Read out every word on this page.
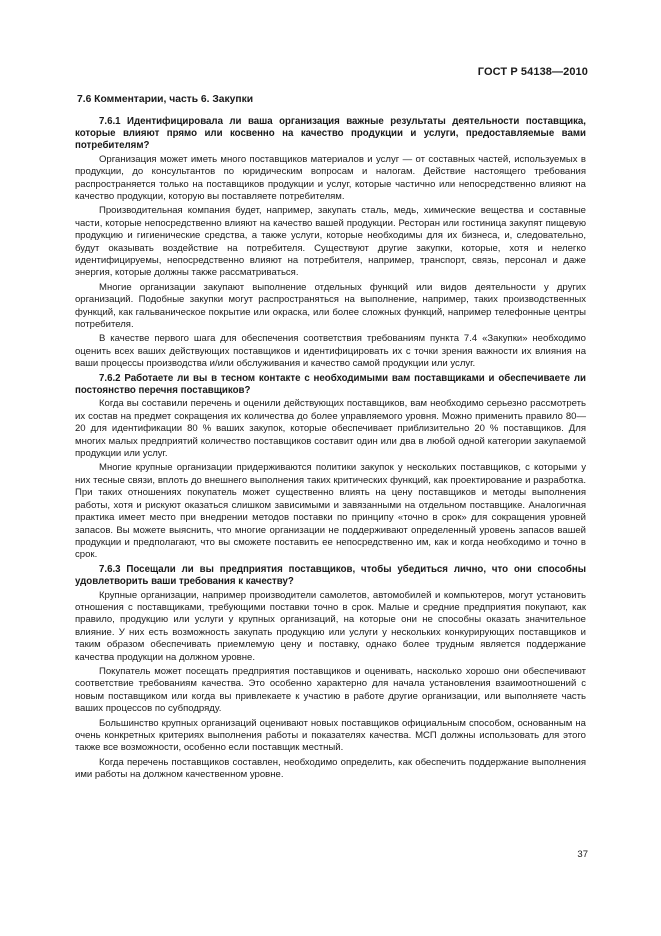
ГОСТ Р 54138—2010
7.6 Комментарии, часть 6. Закупки

7.6.1 Идентифицировала ли ваша организация важные результаты деятельности поставщика, которые влияют прямо или косвенно на качество продукции и услуги, предоставляемые вами потребителям?

Организация может иметь много поставщиков материалов и услуг — от составных частей, используемых в продукции, до консультантов по юридическим вопросам и налогам. Действие настоящего требования распространяется только на поставщиков продукции и услуг, которые частично или непосредственно влияют на качество продукции, которую вы поставляете потребителям.

Производительная компания будет, например, закупать сталь, медь, химические вещества и составные части, которые непосредственно влияют на качество вашей продукции. Ресторан или гостиница закупят пищевую продукцию и гигиенические средства, а также услуги, которые необходимы для их бизнеса, и, следовательно, будут оказывать воздействие на потребителя. Существуют другие закупки, которые, хотя и нелегко идентифицируемы, непосредственно влияют на потребителя, например, транспорт, связь, персонал и даже энергия, которые должны также рассматриваться.

Многие организации закупают выполнение отдельных функций или видов деятельности у других организаций. Подобные закупки могут распространяться на выполнение, например, таких производственных функций, как гальваническое покрытие или окраска, или более сложных функций, например телефонные центры потребителя.

В качестве первого шага для обеспечения соответствия требованиям пункта 7.4 «Закупки» необходимо оценить всех ваших действующих поставщиков и идентифицировать их с точки зрения важности их влияния на ваши процессы производства и/или обслуживания и качество самой продукции или услуг.

7.6.2 Работаете ли вы в тесном контакте с необходимыми вам поставщиками и обеспечиваете ли постоянство перечня поставщиков?

Когда вы составили перечень и оценили действующих поставщиков, вам необходимо серьезно рассмотреть их состав на предмет сокращения их количества до более управляемого уровня. Можно применить правило 80—20 для идентификации 80 % ваших закупок, которые обеспечивает приблизительно 20 % поставщиков. Для многих малых предприятий количество поставщиков составит один или два в любой одной категории закупаемой продукции или услуг.

Многие крупные организации придерживаются политики закупок у нескольких поставщиков, с которыми у них тесные связи, вплоть до внешнего выполнения таких критических функций, как проектирование и разработка. При таких отношениях покупатель может существенно влиять на цену поставщиков и методы выполнения работы, хотя и рискуют оказаться слишком зависимыми и завязанными на отдельном поставщике. Аналогичная практика имеет место при внедрении методов поставки по принципу «точно в срок» для сокращения уровней запасов. Вы можете выяснить, что многие организации не поддерживают определенный уровень запасов вашей продукции и предполагают, что вы сможете поставить ее непосредственно им, как и когда необходимо и точно в срок.

7.6.3 Посещали ли вы предприятия поставщиков, чтобы убедиться лично, что они способны удовлетворить ваши требования к качеству?

Крупные организации, например производители самолетов, автомобилей и компьютеров, могут установить отношения с поставщиками, требующими поставки точно в срок. Малые и средние предприятия покупают, как правило, продукцию или услуги у крупных организаций, на которые они не способны оказать значительное влияние. У них есть возможность закупать продукцию или услуги у нескольких конкурирующих поставщиков и таким образом обеспечивать приемлемую цену и поставку, однако более трудным является поддержание качества продукции на должном уровне.

Покупатель может посещать предприятия поставщиков и оценивать, насколько хорошо они обеспечивают соответствие требованиям качества. Это особенно характерно для начала установления взаимоотношений с новым поставщиком или когда вы привлекаете к участию в работе другие организации, или выполняете часть ваших процессов по субподряду.

Большинство крупных организаций оценивают новых поставщиков официальным способом, основанным на очень конкретных критериях выполнения работы и показателях качества. МСП должны использовать для этого также все возможности, особенно если поставщик местный.

Когда перечень поставщиков составлен, необходимо определить, как обеспечить поддержание выполнения ими работы на должном качественном уровне.

37
